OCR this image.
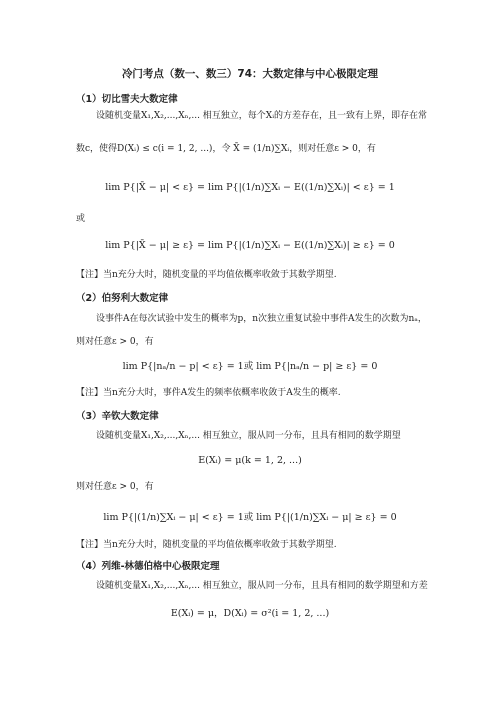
冷门考点（数一、数三）74：大数定律与中心极限定理
（1）切比雪夫大数定律
设随机变量X₁,X₂,...,Xₙ,... 相互独立，每个Xᵢ的方差存在，且一致有上界，即存在常
数c，使得D(Xᵢ) ≤ c(i = 1, 2, ...)，令 X̄ = (1/n)∑Xᵢ，则对任意ε > 0，有
lim P{|X̄ − μ| < ε} = lim P{|(1/n)∑Xᵢ − E((1/n)∑Xᵢ)| < ε} = 1
或
lim P{|X̄ − μ| ≥ ε} = lim P{|(1/n)∑Xᵢ − E((1/n)∑Xᵢ)| ≥ ε} = 0
【注】当n充分大时，随机变量的平均值依概率收敛于其数学期望.
（2）伯努利大数定律
设事件A在每次试验中发生的概率为p，n次独立重复试验中事件A发生的次数为nₐ，
则对任意ε > 0，有
lim P{|nₐ/n − p| < ε} = 1或 lim P{|nₐ/n − p| ≥ ε} = 0
【注】当n充分大时，事件A发生的频率依概率收敛于A发生的概率.
（3）辛钦大数定律
设随机变量X₁,X₂,...,Xₙ,... 相互独立，服从同一分布，且具有相同的数学期望
E(Xᵢ) = μ(k = 1, 2, ...)
则对任意ε > 0，有
lim P{|(1/n)∑Xᵢ − μ| < ε} = 1或 lim P{|(1/n)∑Xᵢ − μ| ≥ ε} = 0
【注】当n充分大时，随机变量的平均值依概率收敛于其数学期望.
（4）列维-林德伯格中心极限定理
设随机变量X₁,X₂,...,Xₙ,... 相互独立，服从同一分布，且具有相同的数学期望和方差
E(Xᵢ) = μ，D(Xᵢ) = σ²(i = 1, 2, ...)
